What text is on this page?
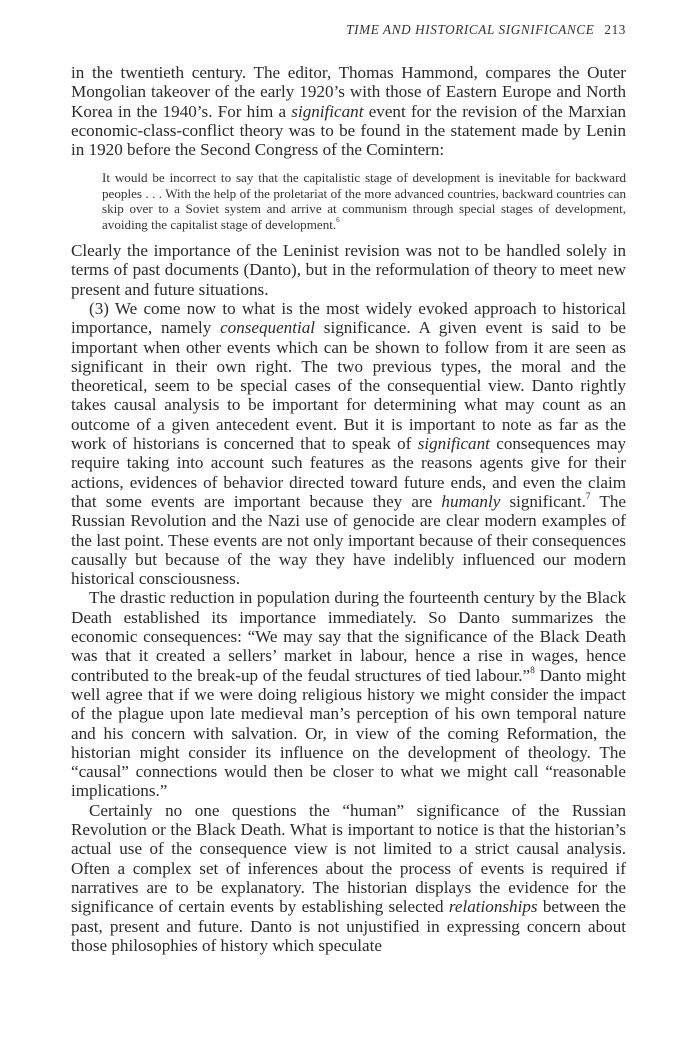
TIME AND HISTORICAL SIGNIFICANCE 213

in the twentieth century. The editor, Thomas Hammond, compares the Outer Mongolian takeover of the early 1920’s with those of Eastern Europe and North Korea in the 1940’s. For him a significant event for the revision of the Marxian economic-class-conflict theory was to be found in the statement made by Lenin in 1920 before the Second Congress of the Comintern:

It would be incorrect to say that the capitalistic stage of development is inevitable for backward peoples . . . With the help of the proletariat of the more advanced countries, backward countries can skip over to a Soviet system and arrive at communism through special stages of development, avoiding the capitalist stage of development.$^6$

Clearly the importance of the Leninist revision was not to be handled solely in terms of past documents (Danto), but in the reformulation of theory to meet new present and future situations.

(3) We come now to what is the most widely evoked approach to historical importance, namely consequential significance. A given event is said to be important when other events which can be shown to follow from it are seen as significant in their own right. The two previous types, the moral and the theoretical, seem to be special cases of the consequential view. Danto rightly takes causal analysis to be important for determining what may count as an outcome of a given antecedent event. But it is important to note as far as the work of historians is concerned that to speak of significant consequences may require taking into account such features as the reasons agents give for their actions, evidences of behavior directed toward future ends, and even the claim that some events are important because they are humanly significant.$^7$ The Russian Revolution and the Nazi use of genocide are clear modern examples of the last point. These events are not only important because of their consequences causally but because of the way they have indelibly influenced our modern historical consciousness.

The drastic reduction in population during the fourteenth century by the Black Death established its importance immediately. So Danto summarizes the economic consequences: “We may say that the significance of the Black Death was that it created a sellers’ market in labour, hence a rise in wages, hence contributed to the break-up of the feudal structures of tied labour.”$^8$ Danto might well agree that if we were doing religious history we might consider the impact of the plague upon late medieval man’s perception of his own temporal nature and his concern with salvation. Or, in view of the coming Reformation, the historian might consider its influence on the development of theology. The “causal” connections would then be closer to what we might call “reasonable implications.”

Certainly no one questions the “human” significance of the Russian Revolution or the Black Death. What is important to notice is that the historian’s actual use of the consequence view is not limited to a strict causal analysis. Often a complex set of inferences about the process of events is required if narratives are to be explanatory. The historian displays the evidence for the significance of certain events by establishing selected relationships between the past, present and future. Danto is not unjustified in expressing concern about those philosophies of history which speculate
